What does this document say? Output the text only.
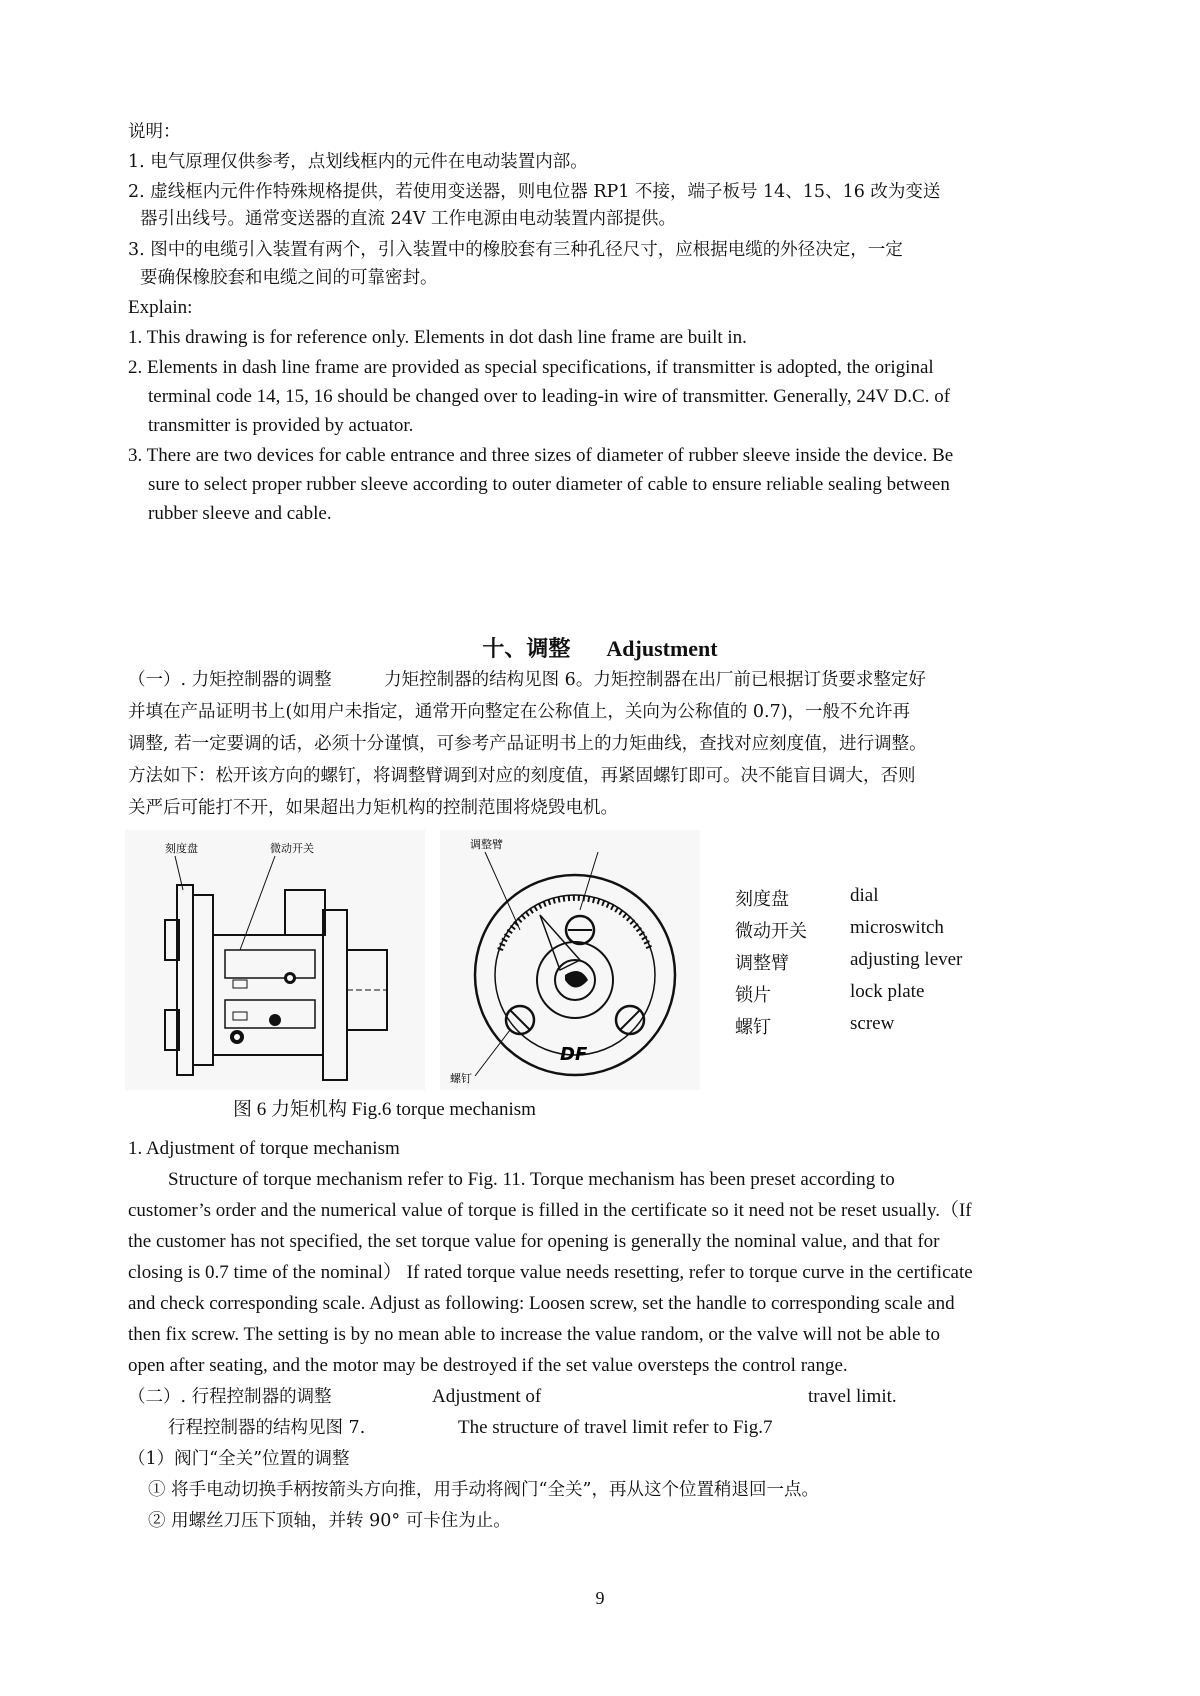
说明：
1. 电气原理仅供参考，点划线框内的元件在电动装置内部。
2. 虚线框内元件作特殊规格提供，若使用变送器，则电位器 RP1 不接，端子板号 14、15、16 改为变送
器引出线号。通常变送器的直流 24V 工作电源由电动装置内部提供。
3. 图中的电缆引入装置有两个，引入装置中的橡胶套有三种孔径尺寸，应根据电缆的外径决定，一定
要确保橡胶套和电缆之间的可靠密封。
Explain:
1. This drawing is for reference only. Elements in dot dash line frame are built in.
2. Elements in dash line frame are provided as special specifications, if transmitter is adopted, the original
terminal code 14, 15, 16 should be changed over to leading-in wire of transmitter. Generally, 24V D.C. of
transmitter is provided by actuator.
3. There are two devices for cable entrance and three sizes of diameter of rubber sleeve inside the device. Be
sure to select proper rubber sleeve according to outer diameter of cable to ensure reliable sealing between
rubber sleeve and cable.
十、调整 Adjustment
（一）. 力矩控制器的调整　　　力矩控制器的结构见图 6。力矩控制器在出厂前已根据订货要求整定好
并填在产品证明书上(如用户未指定，通常开向整定在公称值上，关向为公称值的 0.7)，一般不允许再
调整, 若一定要调的话，必须十分谨慎，可参考产品证明书上的力矩曲线，查找对应刻度值，进行调整。
方法如下：松开该方向的螺钉，将调整臂调到对应的刻度值，再紧固螺钉即可。决不能盲目调大，否则
关严后可能打不开，如果超出力矩机构的控制范围将烧毁电机。
刻度盘	微动开关	调整臂
螺钉
DF
刻度盘	dial
微动开关	microswitch
调整臂	adjusting lever
锁片	lock plate
螺钉	screw
图 6 力矩机构 Fig.6 torque mechanism
1. Adjustment of torque mechanism
Structure of torque mechanism refer to Fig. 11. Torque mechanism has been preset according to
customer’s order and the numerical value of torque is filled in the certificate so it need not be reset usually.（If
the customer has not specified, the set torque value for opening is generally the nominal value, and that for
closing is 0.7 time of the nominal） If rated torque value needs resetting, refer to torque curve in the certificate
and check corresponding scale. Adjust as following: Loosen screw, set the handle to corresponding scale and
then fix screw. The setting is by no mean able to increase the value random, or the valve will not be able to
open after seating, and the motor may be destroyed if the set value oversteps the control range.
（二）. 行程控制器的调整	Adjustment of	travel limit.
行程控制器的结构见图 7.	The structure of travel limit refer to Fig.7
（1）阀门“全关”位置的调整
① 将手电动切换手柄按箭头方向推，用手动将阀门“全关”，再从这个位置稍退回一点。
② 用螺丝刀压下顶轴，并转 90° 可卡住为止。
9
